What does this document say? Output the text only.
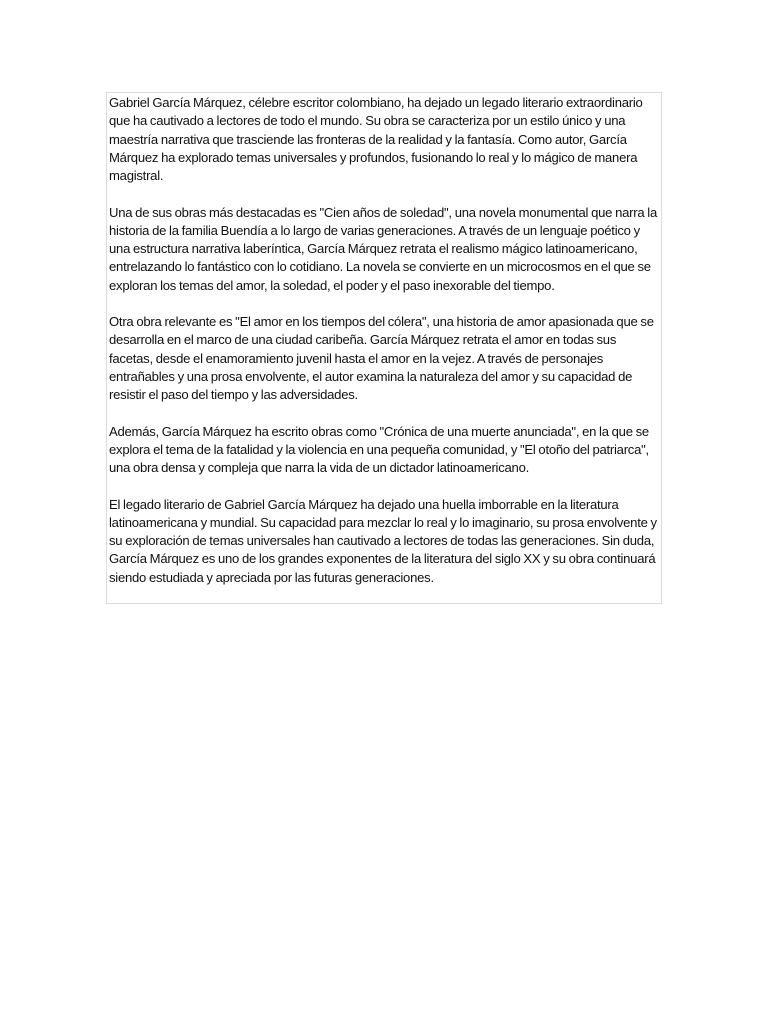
Gabriel García Márquez, célebre escritor colombiano, ha dejado un legado literario extraordinario que ha cautivado a lectores de todo el mundo. Su obra se caracteriza por un estilo único y una maestría narrativa que trasciende las fronteras de la realidad y la fantasía. Como autor, García Márquez ha explorado temas universales y profundos, fusionando lo real y lo mágico de manera magistral.

Una de sus obras más destacadas es "Cien años de soledad", una novela monumental que narra la historia de la familia Buendía a lo largo de varias generaciones. A través de un lenguaje poético y una estructura narrativa laberíntica, García Márquez retrata el realismo mágico latinoamericano, entrelazando lo fantástico con lo cotidiano. La novela se convierte en un microcosmos en el que se exploran los temas del amor, la soledad, el poder y el paso inexorable del tiempo.

Otra obra relevante es "El amor en los tiempos del cólera", una historia de amor apasionada que se desarrolla en el marco de una ciudad caribeña. García Márquez retrata el amor en todas sus facetas, desde el enamoramiento juvenil hasta el amor en la vejez. A través de personajes entrañables y una prosa envolvente, el autor examina la naturaleza del amor y su capacidad de resistir el paso del tiempo y las adversidades.

Además, García Márquez ha escrito obras como "Crónica de una muerte anunciada", en la que se explora el tema de la fatalidad y la violencia en una pequeña comunidad, y "El otoño del patriarca", una obra densa y compleja que narra la vida de un dictador latinoamericano.

El legado literario de Gabriel García Márquez ha dejado una huella imborrable en la literatura latinoamericana y mundial. Su capacidad para mezclar lo real y lo imaginario, su prosa envolvente y su exploración de temas universales han cautivado a lectores de todas las generaciones. Sin duda, García Márquez es uno de los grandes exponentes de la literatura del siglo XX y su obra continuará siendo estudiada y apreciada por las futuras generaciones.
